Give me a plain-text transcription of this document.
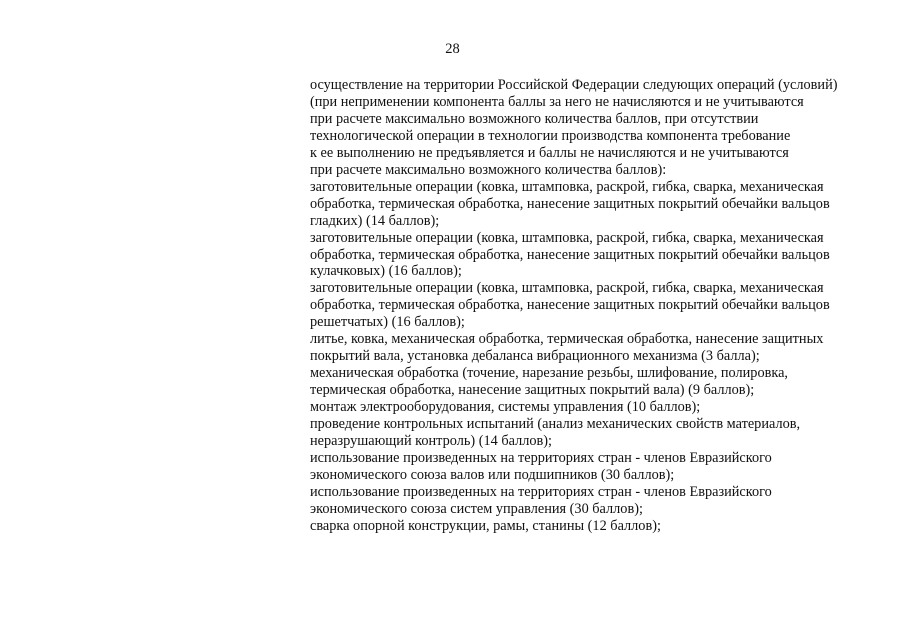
28
осуществление на территории Российской Федерации следующих операций (условий)
(при неприменении компонента баллы за него не начисляются и не учитываются
при расчете максимально возможного количества баллов, при отсутствии
технологической операции в технологии производства компонента требование
к ее выполнению не предъявляется и баллы не начисляются и не учитываются
при расчете максимально возможного количества баллов):
заготовительные операции (ковка, штамповка, раскрой, гибка, сварка, механическая
обработка, термическая обработка, нанесение защитных покрытий обечайки вальцов
гладких) (14 баллов);
заготовительные операции (ковка, штамповка, раскрой, гибка, сварка, механическая
обработка, термическая обработка, нанесение защитных покрытий обечайки вальцов
кулачковых) (16 баллов);
заготовительные операции (ковка, штамповка, раскрой, гибка, сварка, механическая
обработка, термическая обработка, нанесение защитных покрытий обечайки вальцов
решетчатых) (16 баллов);
литье, ковка, механическая обработка, термическая обработка, нанесение защитных
покрытий вала, установка дебаланса вибрационного механизма (3 балла);
механическая обработка (точение, нарезание резьбы, шлифование, полировка,
термическая обработка, нанесение защитных покрытий вала) (9 баллов);
монтаж электрооборудования, системы управления (10 баллов);
проведение контрольных испытаний (анализ механических свойств материалов,
неразрушающий контроль) (14 баллов);
использование произведенных на территориях стран - членов Евразийского
экономического союза валов или подшипников (30 баллов);
использование произведенных на территориях стран - членов Евразийского
экономического союза систем управления (30 баллов);
сварка опорной конструкции, рамы, станины (12 баллов);
